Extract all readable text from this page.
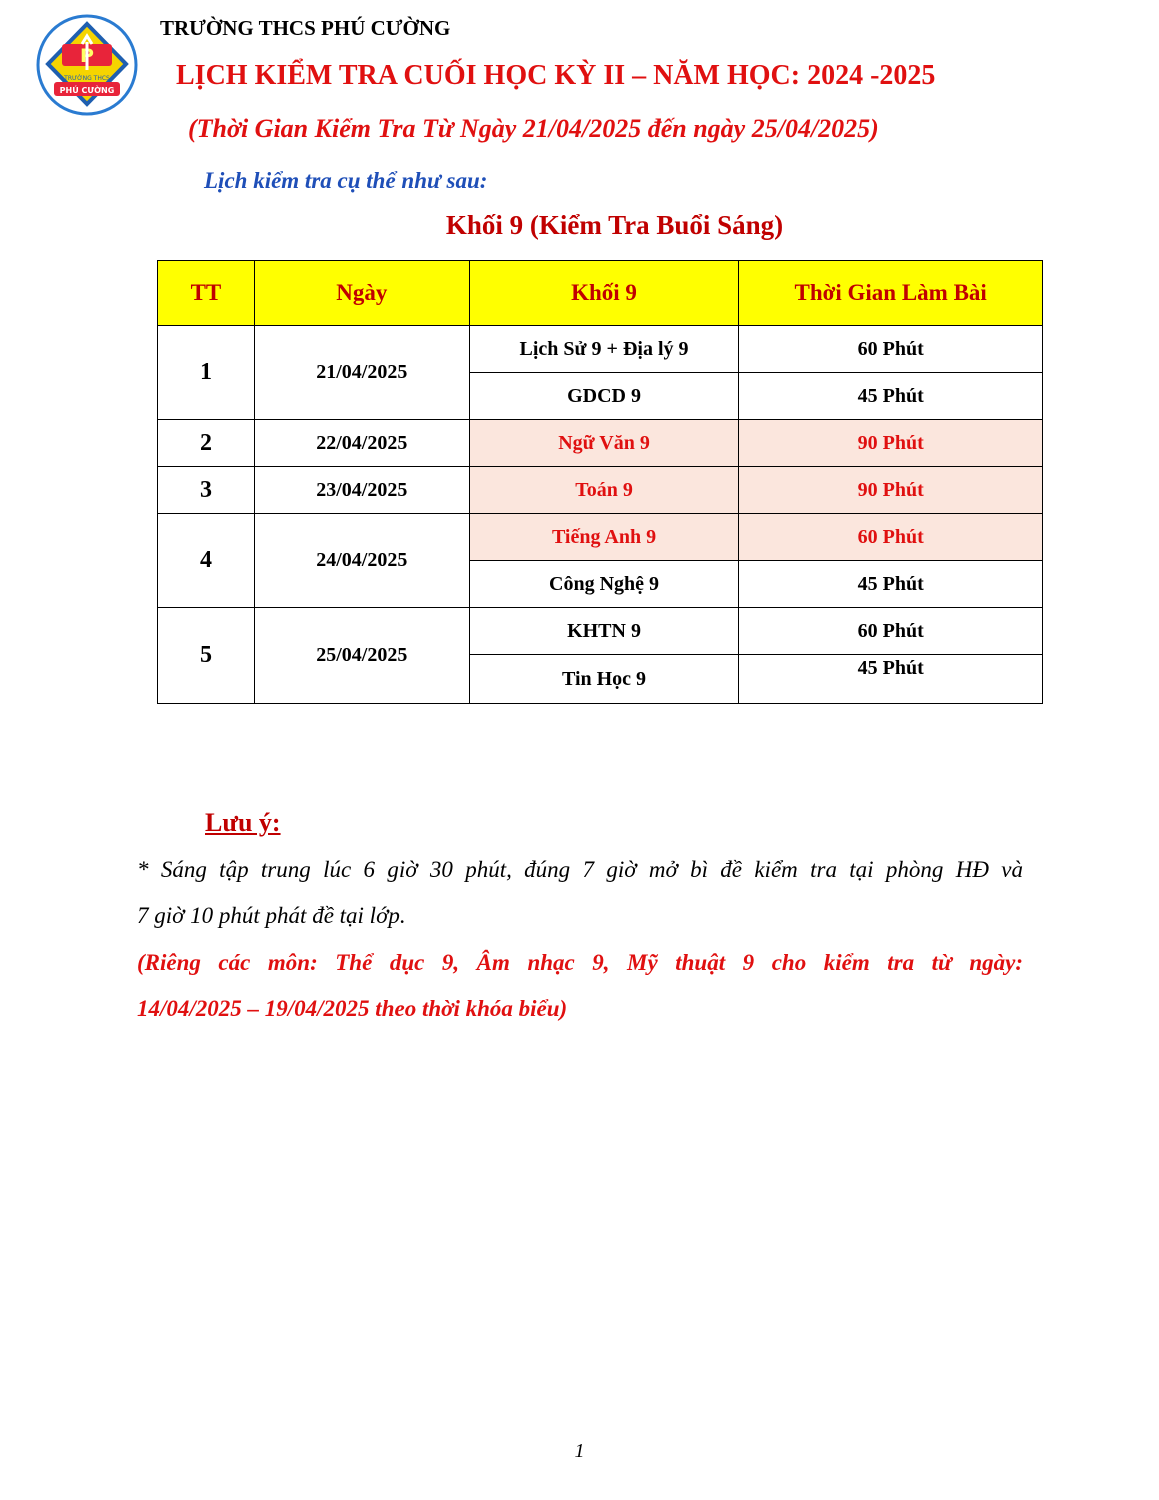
P
TRƯỜNG THCS
PHÚ CƯỜNG
TRƯỜNG THCS PHÚ CƯỜNG
LỊCH KIỂM TRA CUỐI HỌC KỲ II – NĂM HỌC: 2024 -2025
(Thời Gian Kiểm Tra Từ Ngày 21/04/2025 đến ngày 25/04/2025)
Lịch kiểm tra cụ thể như sau:
Khối 9 (Kiểm Tra Buổi Sáng)
TT	Ngày	Khối 9	Thời Gian Làm Bài
1	21/04/2025	Lịch Sử 9 + Địa lý 9	60 Phút
		GDCD 9	45 Phút
2	22/04/2025	Ngữ Văn 9	90 Phút
3	23/04/2025	Toán 9	90 Phút
4	24/04/2025	Tiếng Anh 9	60 Phút
		Công Nghệ 9	45 Phút
5	25/04/2025	KHTN 9	60 Phút
		Tin Học 9	45 Phút
Lưu ý:
* Sáng tập trung lúc 6 giờ 30 phút, đúng 7 giờ mở bì đề kiểm tra tại phòng HĐ và
7 giờ 10 phút phát đề tại lớp.
(Riêng các môn: Thể dục 9, Âm nhạc 9, Mỹ thuật 9 cho kiểm tra từ ngày:
14/04/2025 – 19/04/2025 theo thời khóa biểu)
1
